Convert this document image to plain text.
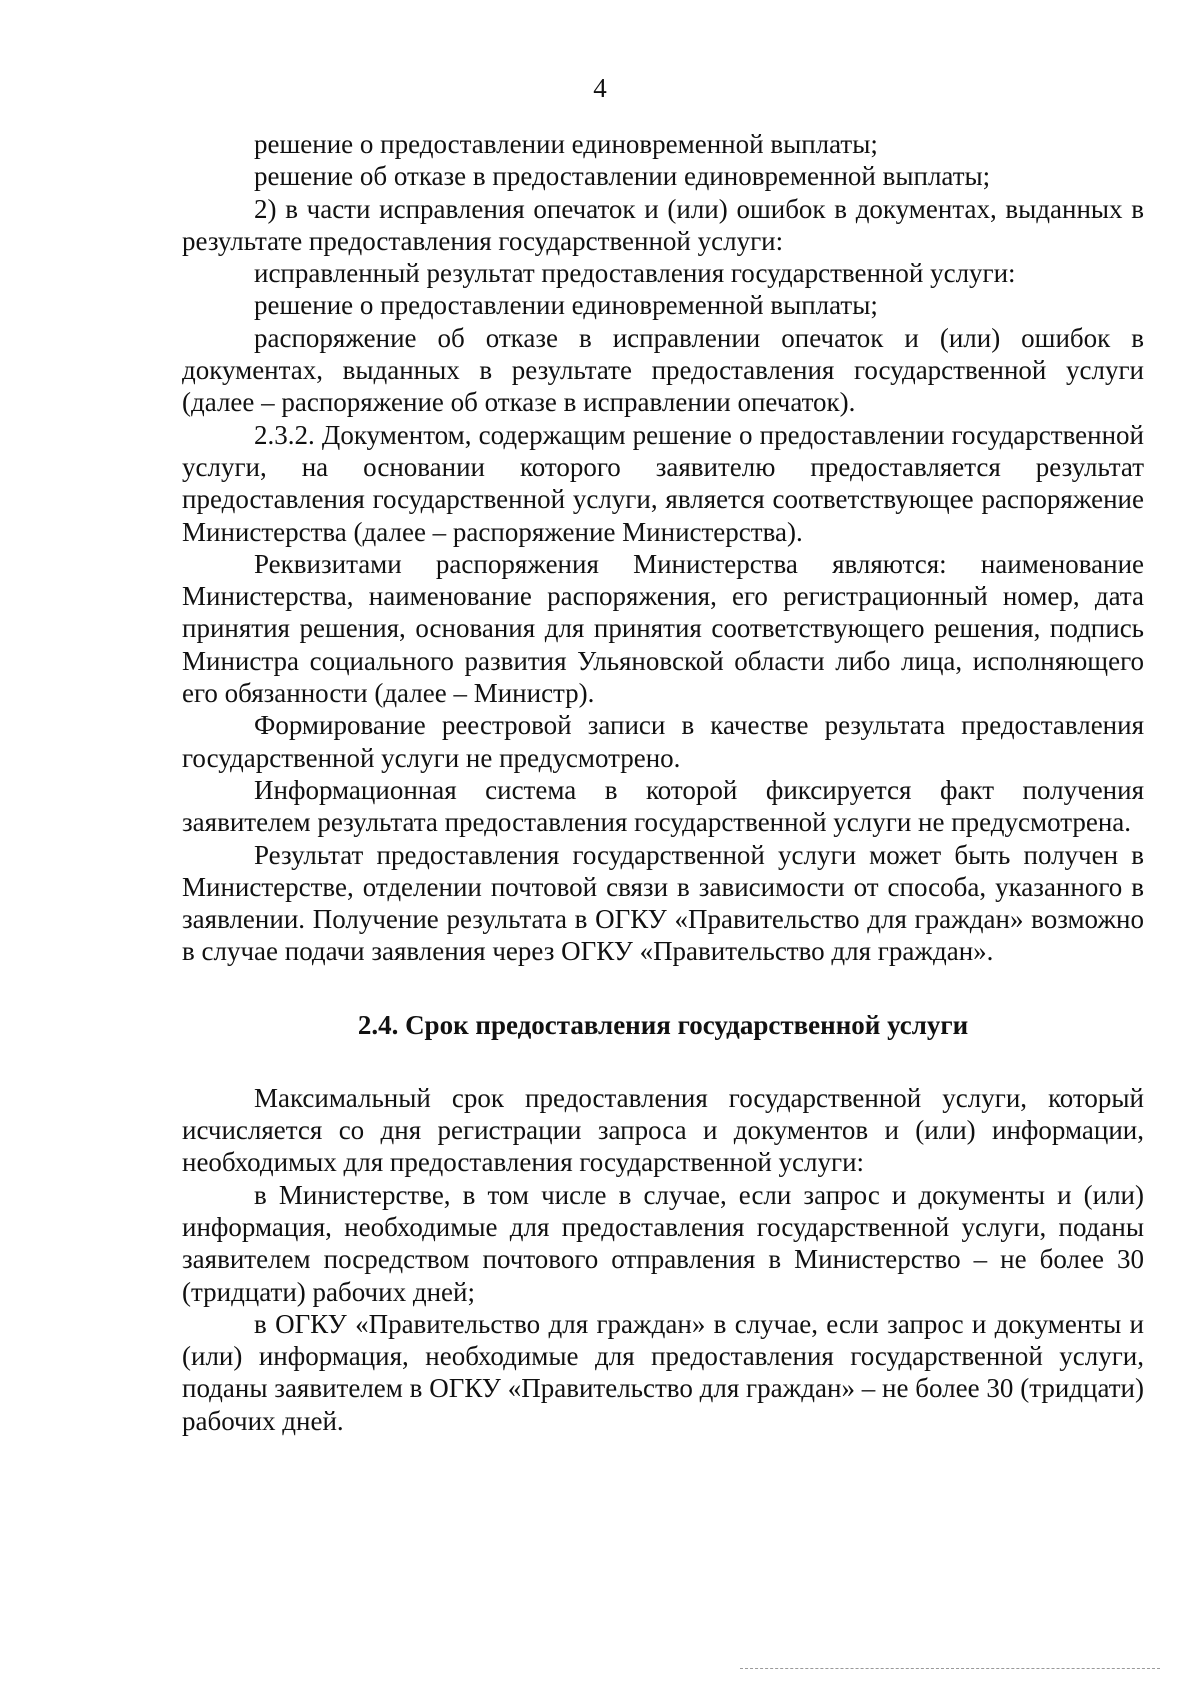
4

решение о предоставлении единовременной выплаты;

решение об отказе в предоставлении единовременной выплаты;

2) в части исправления опечаток и (или) ошибок в документах, выданных в результате предоставления государственной услуги:

исправленный результат предоставления государственной услуги:

решение о предоставлении единовременной выплаты;

распоряжение об отказе в исправлении опечаток и (или) ошибок в документах, выданных в результате предоставления государственной услуги (далее – распоряжение об отказе в исправлении опечаток).

2.3.2. Документом, содержащим решение о предоставлении государственной услуги, на основании которого заявителю предоставляется результат предоставления государственной услуги, является соответствующее распоряжение Министерства (далее – распоряжение Министерства).

Реквизитами распоряжения Министерства являются: наименование Министерства, наименование распоряжения, его регистрационный номер, дата принятия решения, основания для принятия соответствующего решения, подпись Министра социального развития Ульяновской области либо лица, исполняющего его обязанности (далее – Министр).

Формирование реестровой записи в качестве результата предоставления государственной услуги не предусмотрено.

Информационная система в которой фиксируется факт получения заявителем результата предоставления государственной услуги не предусмотрена.

Результат предоставления государственной услуги может быть получен в Министерстве, отделении почтовой связи в зависимости от способа, указанного в заявлении. Получение результата в ОГКУ «Правительство для граждан» возможно в случае подачи заявления через ОГКУ «Правительство для граждан».

2.4. Срок предоставления государственной услуги

Максимальный срок предоставления государственной услуги, который исчисляется со дня регистрации запроса и документов и (или) информации, необходимых для предоставления государственной услуги:

в Министерстве, в том числе в случае, если запрос и документы и (или) информация, необходимые для предоставления государственной услуги, поданы заявителем посредством почтового отправления в Министерство – не более 30 (тридцати) рабочих дней;

в ОГКУ «Правительство для граждан» в случае, если запрос и документы и (или) информация, необходимые для предоставления государственной услуги, поданы заявителем в ОГКУ «Правительство для граждан» – не более 30 (тридцати) рабочих дней.
